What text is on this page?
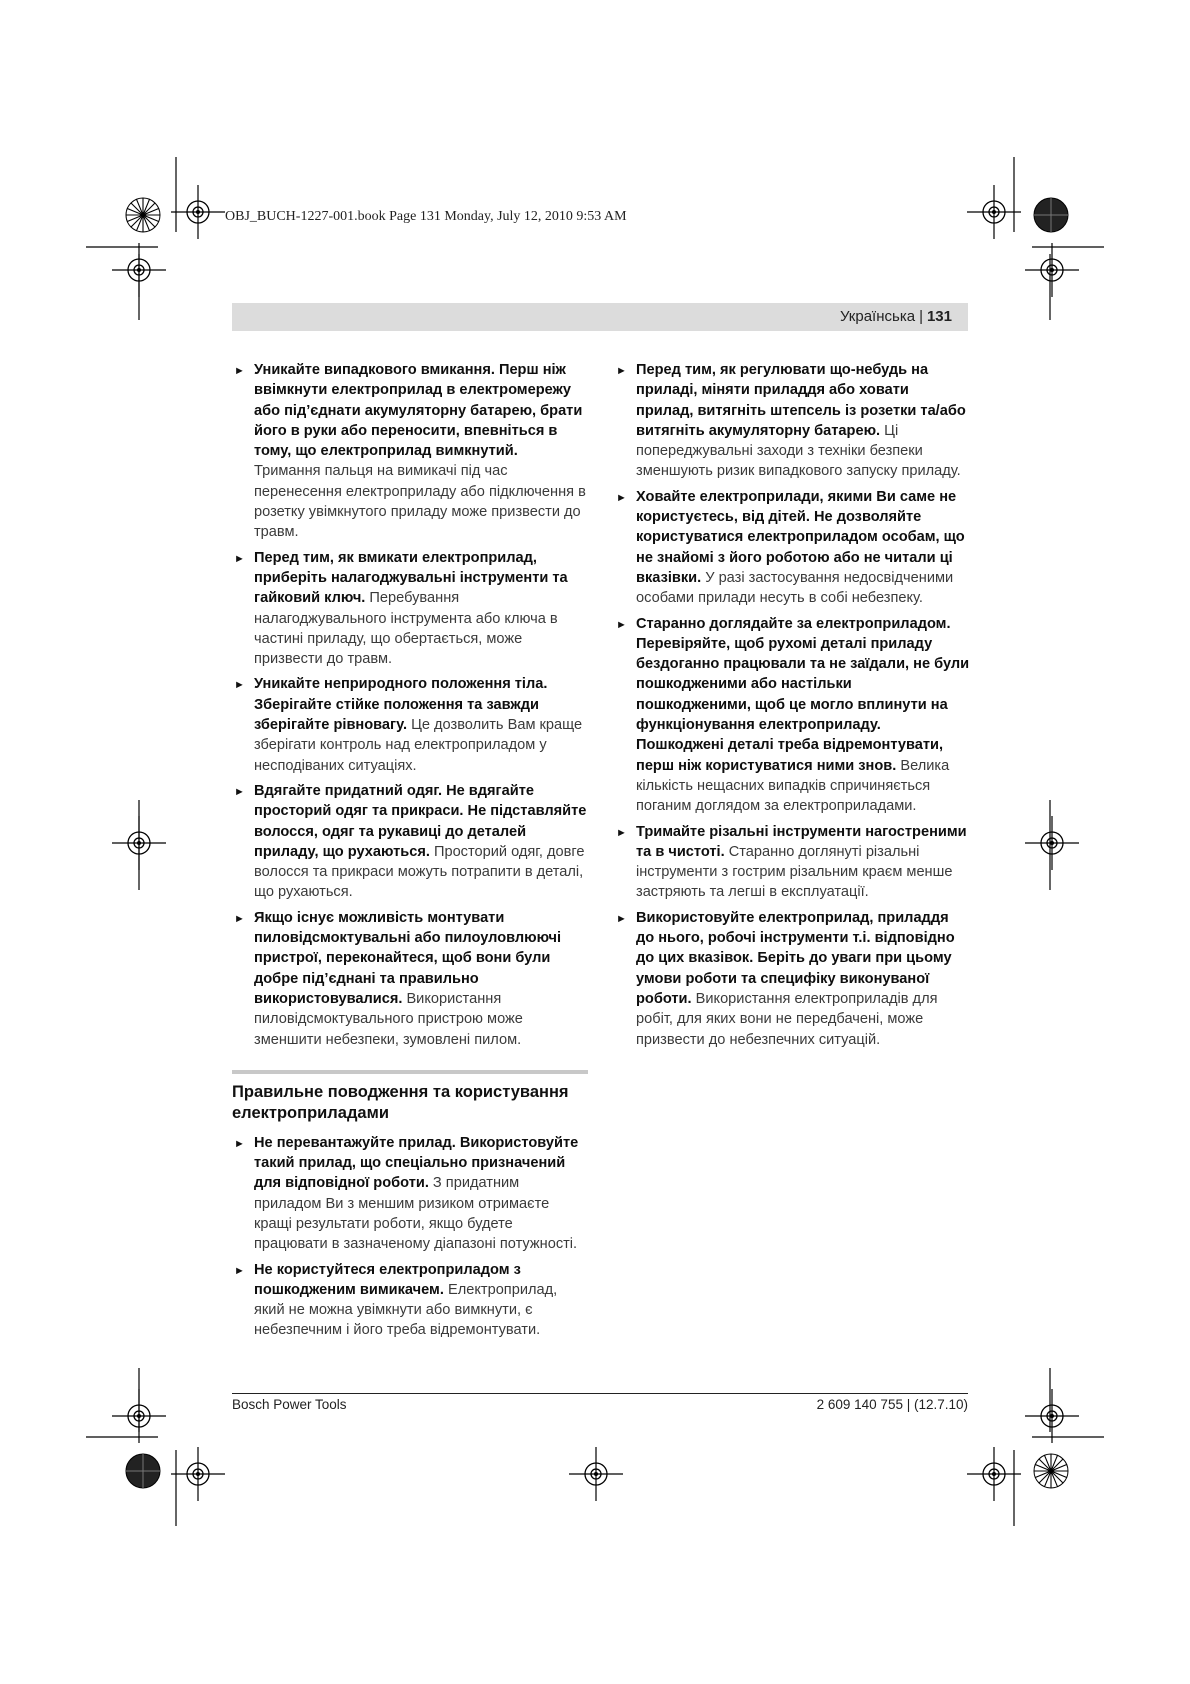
OBJ_BUCH-1227-001.book Page 131 Monday, July 12, 2010 9:53 AM
Українська | 131
► Уникайте випадкового вмикання. Перш ніж ввімкнути електроприлад в електромережу або під’єднати акумуляторну батарею, брати його в руки або переносити, впевніться в тому, що електроприлад вимкнутий. Тримання пальця на вимикачі під час перенесення електроприладу або підключення в розетку увімкнутого приладу може призвести до травм.
► Перед тим, як вмикати електроприлад, приберіть налагоджувальні інструменти та гайковий ключ. Перебування налагоджувального інструмента або ключа в частині приладу, що обертається, може призвести до травм.
► Уникайте неприродного положення тіла. Зберігайте стійке положення та завжди зберігайте рівновагу. Це дозволить Вам краще зберігати контроль над електроприладом у несподіваних ситуаціях.
► Вдягайте придатний одяг. Не вдягайте просторий одяг та прикраси. Не підставляйте волосся, одяг та рукавиці до деталей приладу, що рухаються. Просторий одяг, довге волосся та прикраси можуть потрапити в деталі, що рухаються.
► Якщо існує можливість монтувати пиловідсмоктувальні або пилоуловлюючі пристрої, переконайтеся, щоб вони були добре під’єднані та правильно використовувалися. Використання пиловідсмоктувального пристрою може зменшити небезпеки, зумовлені пилом.
Правильне поводження та користування електроприладами
► Не перевантажуйте прилад. Використовуйте такий прилад, що спеціально призначений для відповідної роботи. З придатним приладом Ви з меншим ризиком отримаєте кращі результати роботи, якщо будете працювати в зазначеному діапазоні потужності.
► Не користуйтеся електроприладом з пошкодженим вимикачем. Електроприлад, який не можна увімкнути або вимкнути, є небезпечним і його треба відремонтувати.
► Перед тим, як регулювати що-небудь на приладі, міняти приладдя або ховати прилад, витягніть штепсель із розетки та/або витягніть акумуляторну батарею. Ці попереджувальні заходи з техніки безпеки зменшують ризик випадкового запуску приладу.
► Ховайте електроприлади, якими Ви саме не користуєтесь, від дітей. Не дозволяйте користуватися електроприладом особам, що не знайомі з його роботою або не читали ці вказівки. У разі застосування недосвідченими особами прилади несуть в собі небезпеку.
► Старанно доглядайте за електроприладом. Перевіряйте, щоб рухомі деталі приладу бездоганно працювали та не заїдали, не були пошкодженими або настільки пошкодженими, щоб це могло вплинути на функціонування електроприладу. Пошкоджені деталі треба відремонтувати, перш ніж користуватися ними знов. Велика кількість нещасних випадків спричиняється поганим доглядом за електроприладами.
► Тримайте різальні інструменти нагостреними та в чистоті. Старанно доглянуті різальні інструменти з гострим різальним краєм менше застряють та легші в експлуатації.
► Використовуйте електроприлад, приладдя до нього, робочі інструменти т.і. відповідно до цих вказівок. Беріть до уваги при цьому умови роботи та специфіку виконуваної роботи. Використання електроприладів для робіт, для яких вони не передбачені, може призвести до небезпечних ситуацій.
Bosch Power Tools	2 609 140 755 | (12.7.10)
